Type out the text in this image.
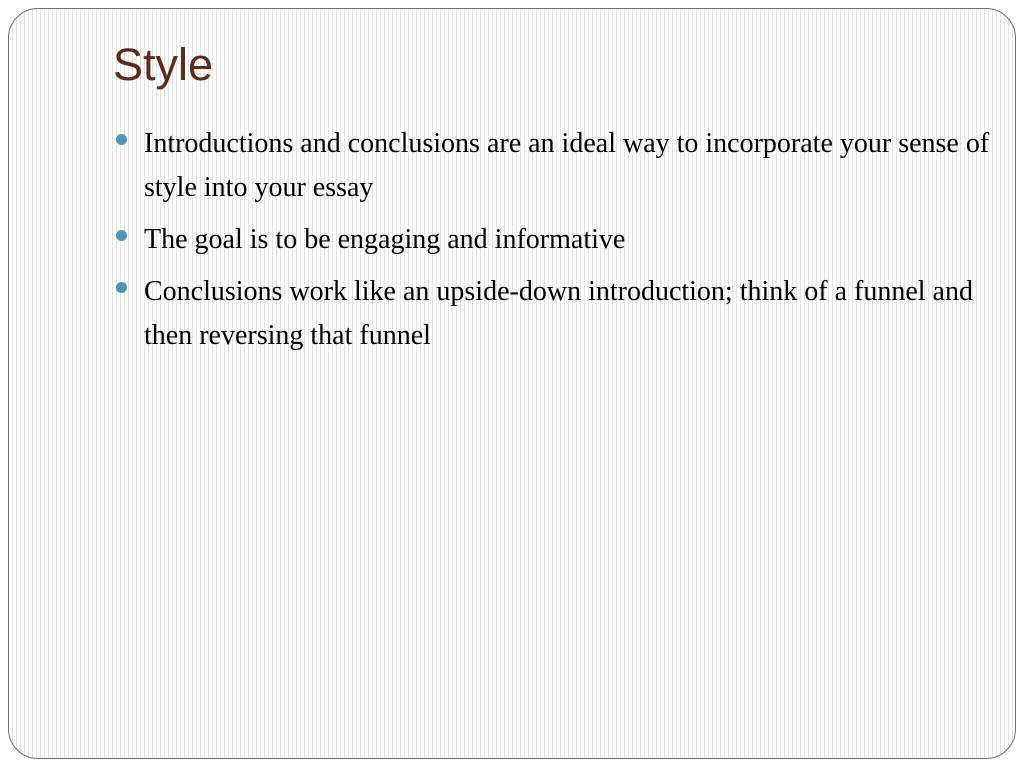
Style
Introductions and conclusions are an ideal way to incorporate your sense of style into your essay
The goal is to be engaging and informative
Conclusions work like an upside-down introduction; think of a funnel and then reversing that funnel
